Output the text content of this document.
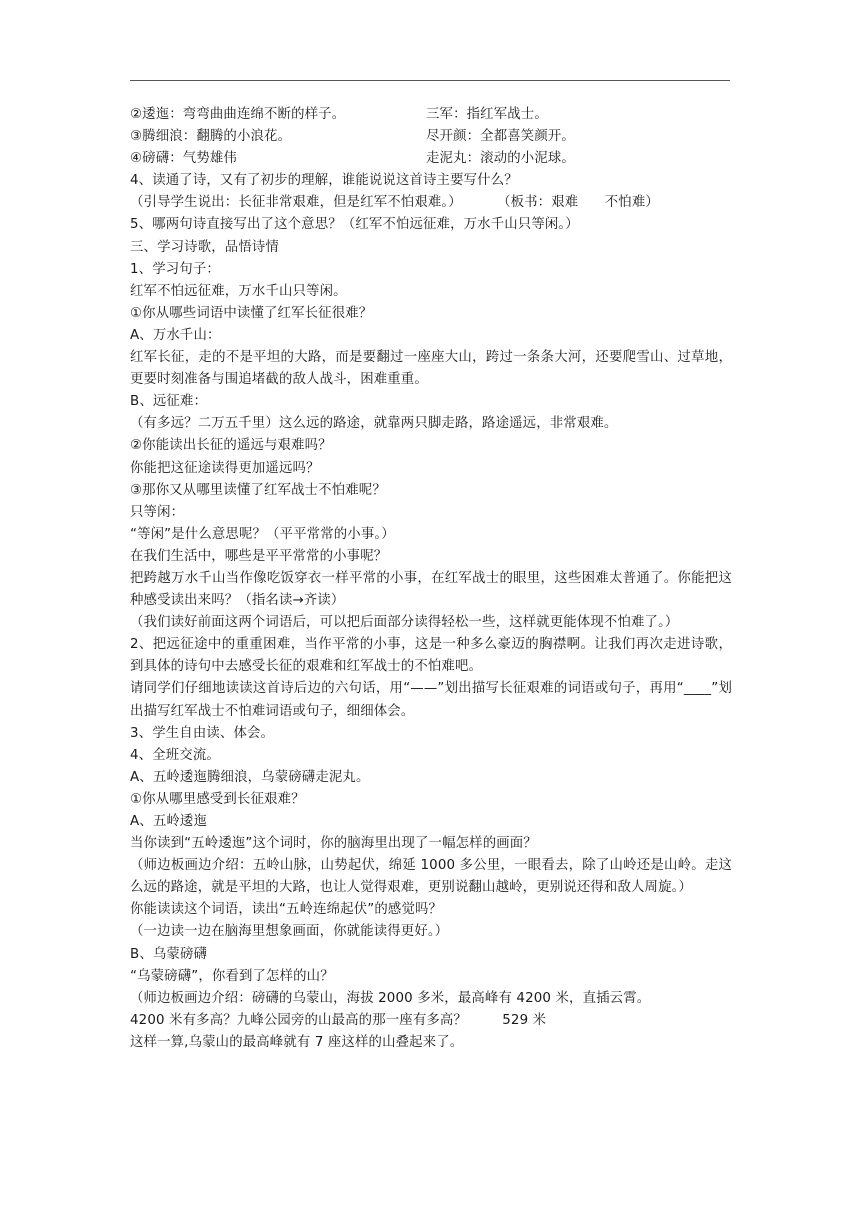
②逶迤：弯弯曲曲连绵不断的样子。	三军：指红军战士。
③腾细浪：翻腾的小浪花。	尽开颜：全都喜笑颜开。
④磅礴：气势雄伟	走泥丸：滚动的小泥球。
4、读通了诗，又有了初步的理解，谁能说说这首诗主要写什么？
（引导学生说出：长征非常艰难，但是红军不怕艰难。）        （板书：艰难      不怕难）
5、哪两句诗直接写出了这个意思？（红军不怕远征难，万水千山只等闲。）
三、学习诗歌，品悟诗情
1、学习句子：
红军不怕远征难，万水千山只等闲。
①你从哪些词语中读懂了红军长征很难？
A、万水千山：
红军长征，走的不是平坦的大路，而是要翻过一座座大山，跨过一条条大河，还要爬雪山、过草地，更要时刻准备与围追堵截的敌人战斗，困难重重。
B、远征难：
（有多远？二万五千里）这么远的路途，就靠两只脚走路，路途遥远，非常艰难。
②你能读出长征的遥远与艰难吗？
你能把这征途读得更加遥远吗？
③那你又从哪里读懂了红军战士不怕难呢？
只等闲：
“等闲”是什么意思呢？（平平常常的小事。）
在我们生活中，哪些是平平常常的小事呢？
把跨越万水千山当作像吃饭穿衣一样平常的小事，在红军战士的眼里，这些困难太普通了。你能把这种感受读出来吗？（指名读→齐读）
（我们读好前面这两个词语后，可以把后面部分读得轻松一些，这样就更能体现不怕难了。）
2、把远征途中的重重困难，当作平常的小事，这是一种多么豪迈的胸襟啊。让我们再次走进诗歌，到具体的诗句中去感受长征的艰难和红军战士的不怕难吧。
请同学们仔细地读读这首诗后边的六句话，用“——”划出描写长征艰难的词语或句子，再用“____”划出描写红军战士不怕难词语或句子，细细体会。
3、学生自由读、体会。
4、全班交流。
A、五岭逶迤腾细浪，乌蒙磅礴走泥丸。
①你从哪里感受到长征艰难？
A、五岭逶迤
当你读到“五岭逶迤”这个词时，你的脑海里出现了一幅怎样的画面？
（师边板画边介绍：五岭山脉，山势起伏，绵延 1000 多公里，一眼看去，除了山岭还是山岭。走这么远的路途，就是平坦的大路，也让人觉得艰难，更别说翻山越岭，更别说还得和敌人周旋。）
你能读读这个词语，读出“五岭连绵起伏”的感觉吗？
（一边读一边在脑海里想象画面，你就能读得更好。）
B、乌蒙磅礴
“乌蒙磅礴”，你看到了怎样的山？
（师边板画边介绍：磅礴的乌蒙山，海拔 2000 多米，最高峰有 4200 米，直插云霄。
4200 米有多高？九峰公园旁的山最高的那一座有多高？        529 米
这样一算,乌蒙山的最高峰就有 7 座这样的山叠起来了。
